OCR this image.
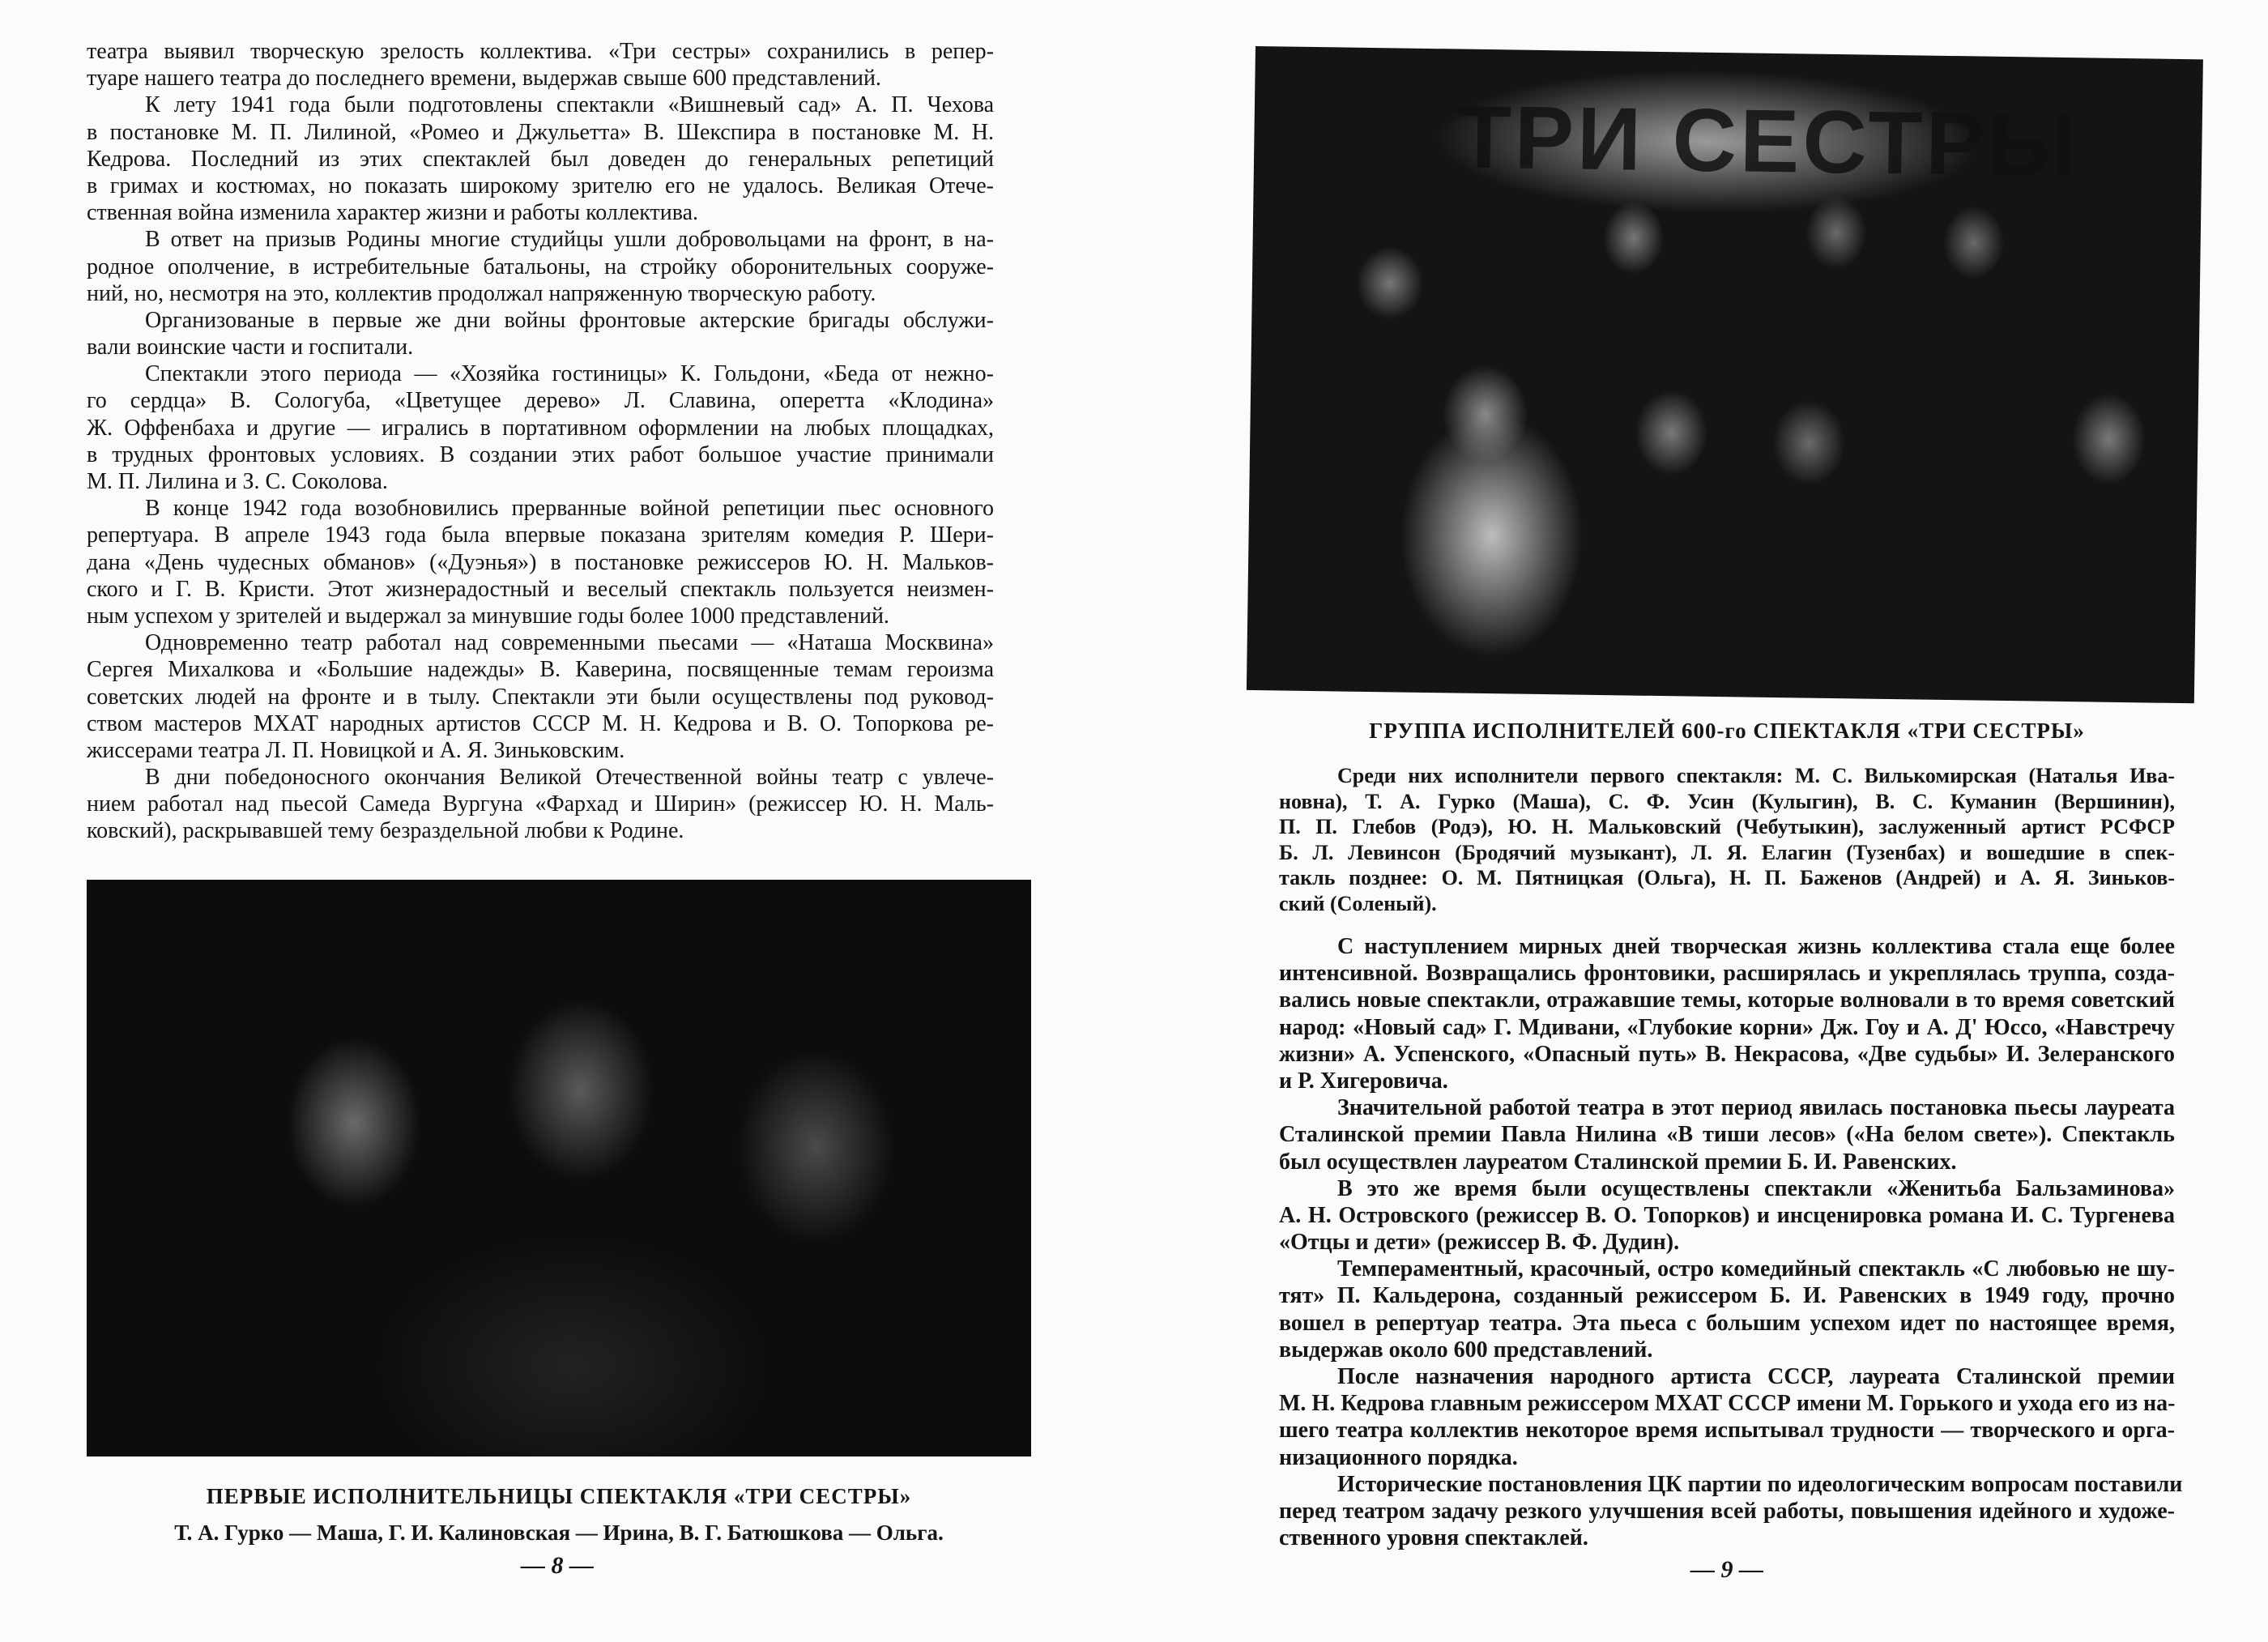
театра выявил творческую зрелость коллектива. «Три сестры» сохранились в репер-
туаре нашего театра до последнего времени, выдержав свыше 600 представлений.
К лету 1941 года были подготовлены спектакли «Вишневый сад» А. П. Чехова
в постановке М. П. Лилиной, «Ромео и Джульетта» В. Шекспира в постановке М. Н.
Кедрова. Последний из этих спектаклей был доведен до генеральных репетиций
в гримах и костюмах, но показать широкому зрителю его не удалось. Великая Отече-
ственная война изменила характер жизни и работы коллектива.
В ответ на призыв Родины многие студийцы ушли добровольцами на фронт, в на-
родное ополчение, в истребительные батальоны, на стройку оборонительных сооруже-
ний, но, несмотря на это, коллектив продолжал напряженную творческую работу.
Организованые в первые же дни войны фронтовые актерские бригады обслужи-
вали воинские части и госпитали.
Спектакли этого периода — «Хозяйка гостиницы» К. Гольдони, «Беда от нежно-
го сердца» В. Сологуба, «Цветущее дерево» Л. Славина, оперетта «Клодина»
Ж. Оффенбаха и другие — игрались в портативном оформлении на любых площадках,
в трудных фронтовых условиях. В создании этих работ большое участие принимали
М. П. Лилина и З. С. Соколова.
В конце 1942 года возобновились прерванные войной репетиции пьес основного
репертуара. В апреле 1943 года была впервые показана зрителям комедия Р. Шери-
дана «День чудесных обманов» («Дуэнья») в постановке режиссеров Ю. Н. Мальков-
ского и Г. В. Кристи. Этот жизнерадостный и веселый спектакль пользуется неизмен-
ным успехом у зрителей и выдержал за минувшие годы более 1000 представлений.
Одновременно театр работал над современными пьесами — «Наташа Москвина»
Сергея Михалкова и «Большие надежды» В. Каверина, посвященные темам героизма
советских людей на фронте и в тылу. Спектакли эти были осуществлены под руковод-
ством мастеров МХАТ народных артистов СССР М. Н. Кедрова и В. О. Топоркова ре-
жиссерами театра Л. П. Новицкой и А. Я. Зиньковским.
В дни победоносного окончания Великой Отечественной войны театр с увлече-
нием работал над пьесой Самеда Вургуна «Фархад и Ширин» (режиссер Ю. Н. Маль-
ковский), раскрывавшей тему безраздельной любви к Родине.
ПЕРВЫЕ ИСПОЛНИТЕЛЬНИЦЫ СПЕКТАКЛЯ «ТРИ СЕСТРЫ»
Т. А. Гурко — Маша, Г. И. Калиновская — Ирина, В. Г. Батюшкова — Ольга.
— 8 —
ТРИ СЕСТРЫ
ГРУППА ИСПОЛНИТЕЛЕЙ 600-го СПЕКТАКЛЯ «ТРИ СЕСТРЫ»
Среди них исполнители первого спектакля: М. С. Вилькомирская (Наталья Ива-
новна), Т. А. Гурко (Маша), С. Ф. Усин (Кулыгин), В. С. Куманин (Вершинин),
П. П. Глебов (Родэ), Ю. Н. Мальковский (Чебутыкин), заслуженный артист РСФСР
Б. Л. Левинсон (Бродячий музыкант), Л. Я. Елагин (Тузенбах) и вошедшие в спек-
такль позднее: О. М. Пятницкая (Ольга), Н. П. Баженов (Андрей) и А. Я. Зиньков-
ский (Соленый).
С наступлением мирных дней творческая жизнь коллектива стала еще более
интенсивной. Возвращались фронтовики, расширялась и укреплялась труппа, созда-
вались новые спектакли, отражавшие темы, которые волновали в то время советский
народ: «Новый сад» Г. Мдивани, «Глубокие корни» Дж. Гоу и А. Д' Юссо, «Навстречу
жизни» А. Успенского, «Опасный путь» В. Некрасова, «Две судьбы» И. Зелеранского
и Р. Хигеровича.
Значительной работой театра в этот период явилась постановка пьесы лауреата
Сталинской премии Павла Нилина «В тиши лесов» («На белом свете»). Спектакль
был осуществлен лауреатом Сталинской премии Б. И. Равенских.
В это же время были осуществлены спектакли «Женитьба Бальзаминова»
А. Н. Островского (режиссер В. О. Топорков) и инсценировка романа И. С. Тургенева
«Отцы и дети» (режиссер В. Ф. Дудин).
Темпераментный, красочный, остро комедийный спектакль «С любовью не шу-
тят» П. Кальдерона, созданный режиссером Б. И. Равенских в 1949 году, прочно
вошел в репертуар театра. Эта пьеса с большим успехом идет по настоящее время,
выдержав около 600 представлений.
После назначения народного артиста СССР, лауреата Сталинской премии
М. Н. Кедрова главным режиссером МХАТ СССР имени М. Горького и ухода его из на-
шего театра коллектив некоторое время испытывал трудности — творческого и орга-
низационного порядка.
Исторические постановления ЦК партии по идеологическим вопросам поставили
перед театром задачу резкого улучшения всей работы, повышения идейного и художе-
ственного уровня спектаклей.
— 9 —
